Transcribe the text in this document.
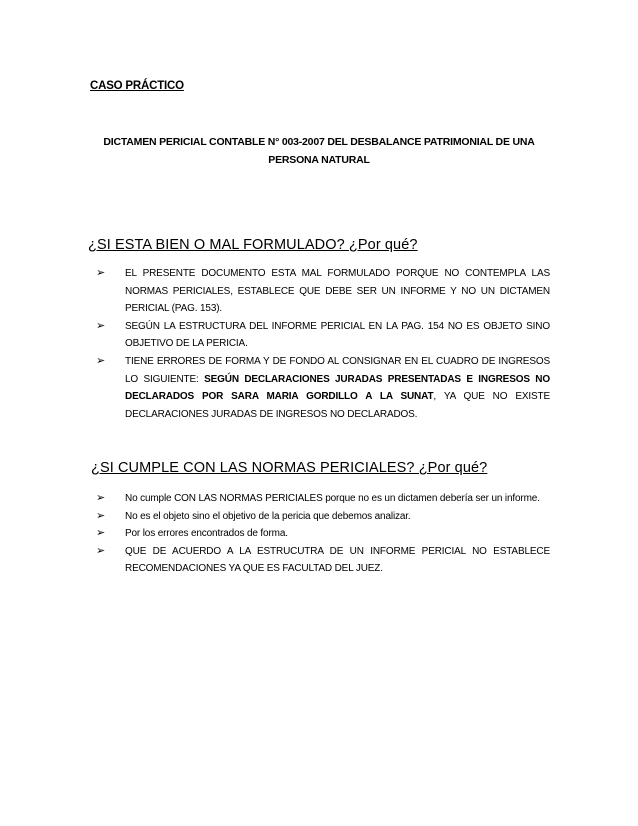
CASO PRÁCTICO
DICTAMEN PERICIAL CONTABLE N° 003-2007 DEL DESBALANCE PATRIMONIAL DE UNA
PERSONA NATURAL
¿SI ESTA BIEN O MAL FORMULADO? ¿Por qué?
➢	EL PRESENTE DOCUMENTO ESTA MAL FORMULADO PORQUE NO CONTEMPLA LAS NORMAS PERICIALES, ESTABLECE QUE DEBE SER UN INFORME Y NO UN DICTAMEN PERICIAL (PAG. 153).
➢	SEGÚN LA ESTRUCTURA DEL INFORME PERICIAL EN LA PAG. 154 NO ES OBJETO SINO OBJETIVO DE LA PERICIA.
➢	TIENE ERRORES DE FORMA Y DE FONDO AL CONSIGNAR EN EL CUADRO DE INGRESOS LO SIGUIENTE: SEGÚN DECLARACIONES JURADAS PRESENTADAS E INGRESOS NO DECLARADOS POR SARA MARIA GORDILLO A LA SUNAT, YA QUE NO EXISTE DECLARACIONES JURADAS DE INGRESOS NO DECLARADOS.
¿SI CUMPLE CON LAS NORMAS PERICIALES? ¿Por qué?
➢	No cumple CON LAS NORMAS PERICIALES porque no es un dictamen debería ser un informe.
➢	No es el objeto sino el objetivo de la pericia que debemos analizar.
➢	Por los errores encontrados de forma.
➢	QUE DE ACUERDO A LA ESTRUCUTRA DE UN INFORME PERICIAL NO ESTABLECE RECOMENDACIONES YA QUE ES FACULTAD DEL JUEZ.
